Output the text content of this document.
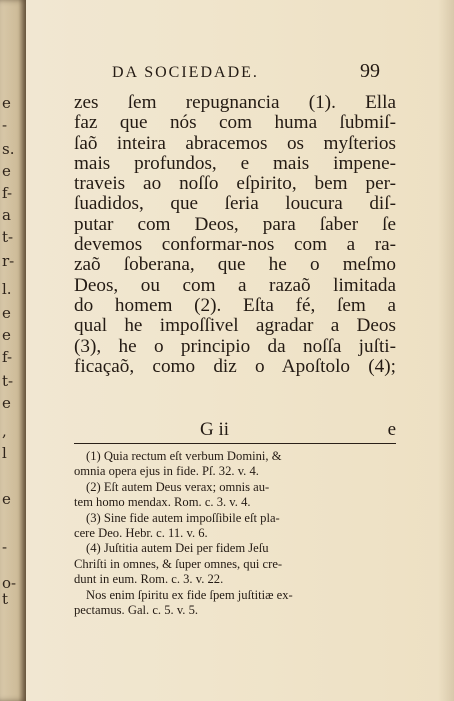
e
-
s.
e
f-
a
t-
r-
l.
e
e
f-
t-
e
,
l
e
-
o-
t
DA SOCIEDADE.	99
zes ſem repugnancia (1). Ella
faz que nós com huma ſubmiſ-
ſaõ inteira abracemos os myſterios
mais profundos, e mais impene-
traveis ao noſſo eſpirito, bem per-
ſuadidos, que ſeria loucura diſ-
putar com Deos, para ſaber ſe
devemos conformar-nos com a ra-
zaõ ſoberana, que he o meſmo
Deos, ou com a razaõ limitada
do homem (2). Eſta fé, ſem a
qual he impoſſivel agradar a Deos
(3), he o principio da noſſa juſti-
ficaçaõ, como diz o Apoſtolo (4);
G ii	e
(1) Quia rectum eſt verbum Domini, &
omnia opera ejus in fide. Pſ. 32. v. 4.
(2) Eſt autem Deus verax; omnis au-
tem homo mendax. Rom. c. 3. v. 4.
(3) Sine fide autem impoſſibile eſt pla-
cere Deo. Hebr. c. 11. v. 6.
(4) Juſtitia autem Dei per fidem Jeſu
Chriſti in omnes, & ſuper omnes, qui cre-
dunt in eum. Rom. c. 3. v. 22.
Nos enim ſpiritu ex fide ſpem juſtitiæ ex-
pectamus. Gal. c. 5. v. 5.
